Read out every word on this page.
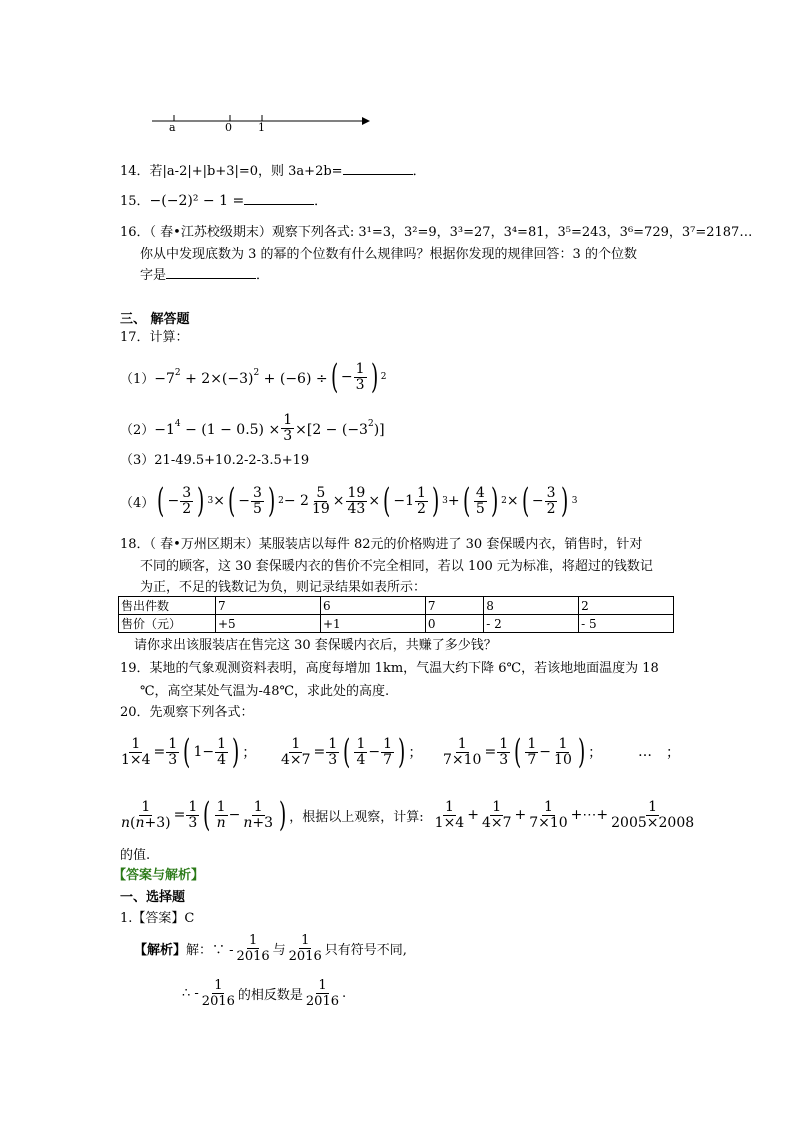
a	0 1
14．若|a-2|+|b+3|=0，则 3a+2b=	．
15．−(−2)² − 1 =	．
16．（ 春•江苏校级期末）观察下列各式: 3¹=3，3²=9，3³=27，3⁴=81，3⁵=243，3⁶=729，3⁷=2187…
你从中发现底数为 3 的幂的个位数有什么规律吗？根据你发现的规律回答：3 的个位数
字是	．
三、 解答题
17．计算：
$(1) -7^2 + 2\times(-3)^2 + (-6)$ ÷ ( − $\frac{1}{3}$ ) 2
$(2) -1^4 - (1 - 0.5) \times \frac{1}{3} \times[2 - (-3^2)]$
（3）21-49.5+10.2-2-3.5+19
（4） ( − $\frac{3}{2}$ ) 3 × ( − $\frac{3}{5}$ ) $2 - 2 \frac{5}{19} \times \frac{19}{43}$ × ( $-1 \frac{1}{2}$ ) 3 + ( $\frac{4}{5}$ ) 2 × ( − $\frac{3}{2}$ ) 3
18．（ 春•万州区期末）某服装店以每件 82元的价格购进了 30 套保暖内衣，销售时，针对
不同的顾客，这 30 套保暖内衣的售价不完全相同，若以 100 元为标准，将超过的钱数记
为正，不足的钱数记为负，则记录结果如表所示：
售出件数	7	6	7	8	2
售价（元）	+5	+1	0	- 2	- 5
请你求出该服装店在售完这 30 套保暖内衣后，共赚了多少钱？
19．某地的气象观测资料表明，高度每增加 1km，气温大约下降 6℃，若该地地面温度为 18
℃，高空某处气温为-48℃，求此处的高度.
20．先观察下列各式：
$\frac{1}{1\times 4} = \frac{1}{3}$ ( $1- \frac{1}{4}$ ) ； $\frac{1}{4\times 7} = \frac{1}{3}$ ( $\frac{1}{4} - \frac{1}{7}$ ) ； $\frac{1}{7\times 10} = \frac{1}{3}$ ( $\frac{1}{7} - \frac{1}{10}$ ) ；	… ；
$\frac{1}{n(n+3)} = \frac{1}{3}$ ( $\frac{1}{n} - \frac{1}{n+3}$ ) ，根据以上观察，计算: $\frac{1}{1\times 4} + \frac{1}{4\times 7} + \frac{1}{7\times 10}$ +⋯+ $\frac{1}{2005\times 2008}$
的值.
【答案与解析】
一、选择题
1.【答案】C
【解析】 解：∵ - $\frac{1}{2016}$ 与 $\frac{1}{2016}$ 只有符号不同,
∴ - $\frac{1}{2016}$ 的相反数是 $\frac{1}{2016}$ .
